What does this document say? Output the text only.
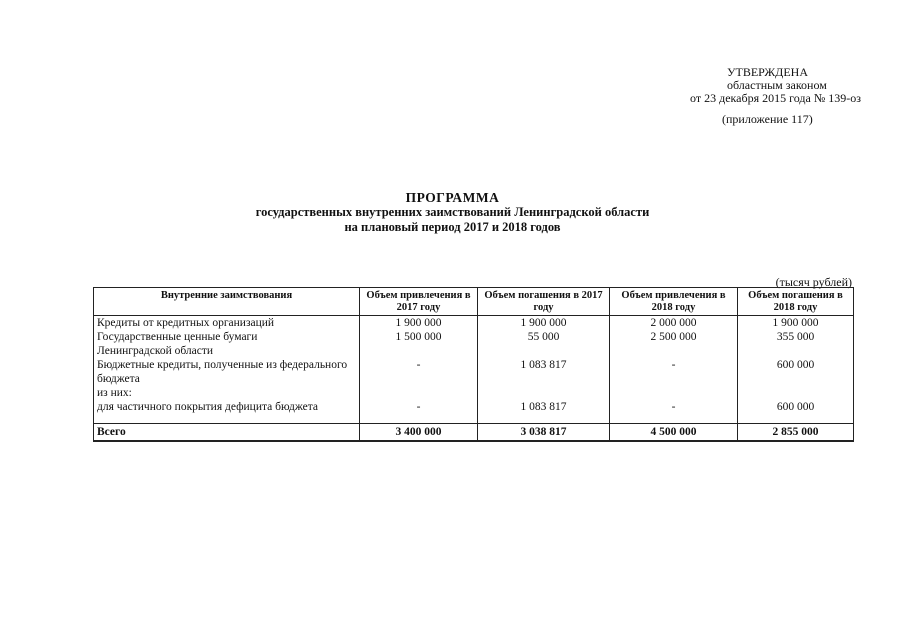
УТВЕРЖДЕНА
областным законом
от 23 декабря 2015 года № 139-оз
(приложение 117)
ПРОГРАММА
государственных внутренних заимствований Ленинградской области
на плановый период 2017 и 2018 годов
(тысяч рублей)
Внутренние заимствования	Объем привлечения в 2017 году	Объем погашения в 2017 году	Объем привлечения в 2018 году	Объем погашения в 2018 году
Кредиты от кредитных организаций	1 900 000	1 900 000	2 000 000	1 900 000
Государственные ценные бумаги	1 500 000	55 000	2 500 000	355 000
Ленинградской области				
Бюджетные кредиты, полученные из федерального бюджета	-	1 083 817	-	600 000
из них:				
для частичного покрытия дефицита бюджета	-	1 083 817	-	600 000

Всего	3 400 000	3 038 817	4 500 000	2 855 000
